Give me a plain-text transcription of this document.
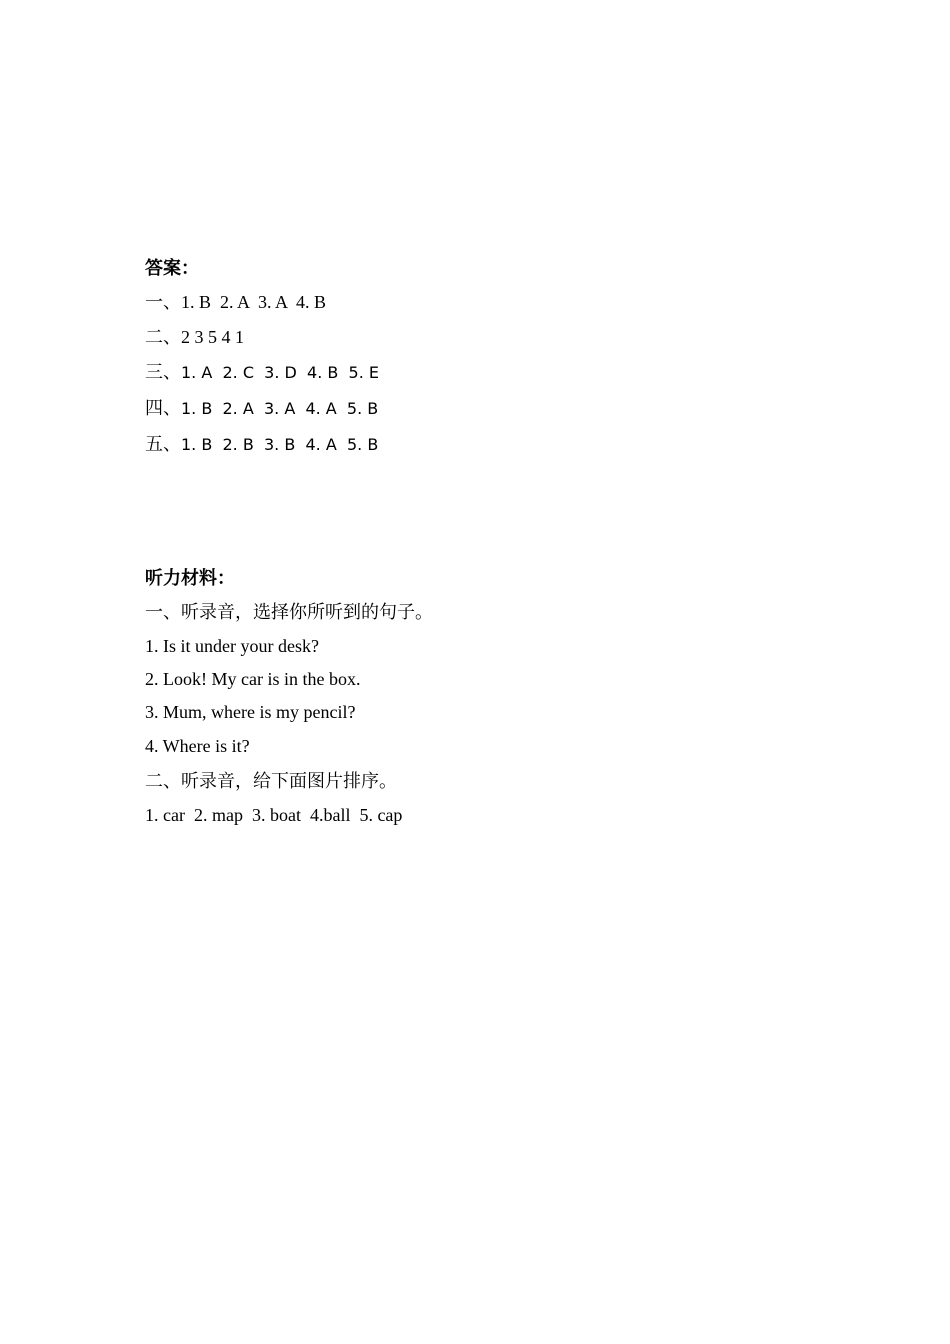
答案：
一、1. B  2. A  3. A  4. B
二、2 3 5 4 1
三、1. A  2. C  3. D  4. B  5. E
四、1. B  2. A  3. A  4. A  5. B
五、1. B  2. B  3. B  4. A  5. B
听力材料：
一、听录音，选择你所听到的句子。
1. Is it under your desk?
2. Look! My car is in the box.
3. Mum, where is my pencil?
4. Where is it?
二、听录音，给下面图片排序。
1. car  2. map  3. boat  4.ball  5. cap
